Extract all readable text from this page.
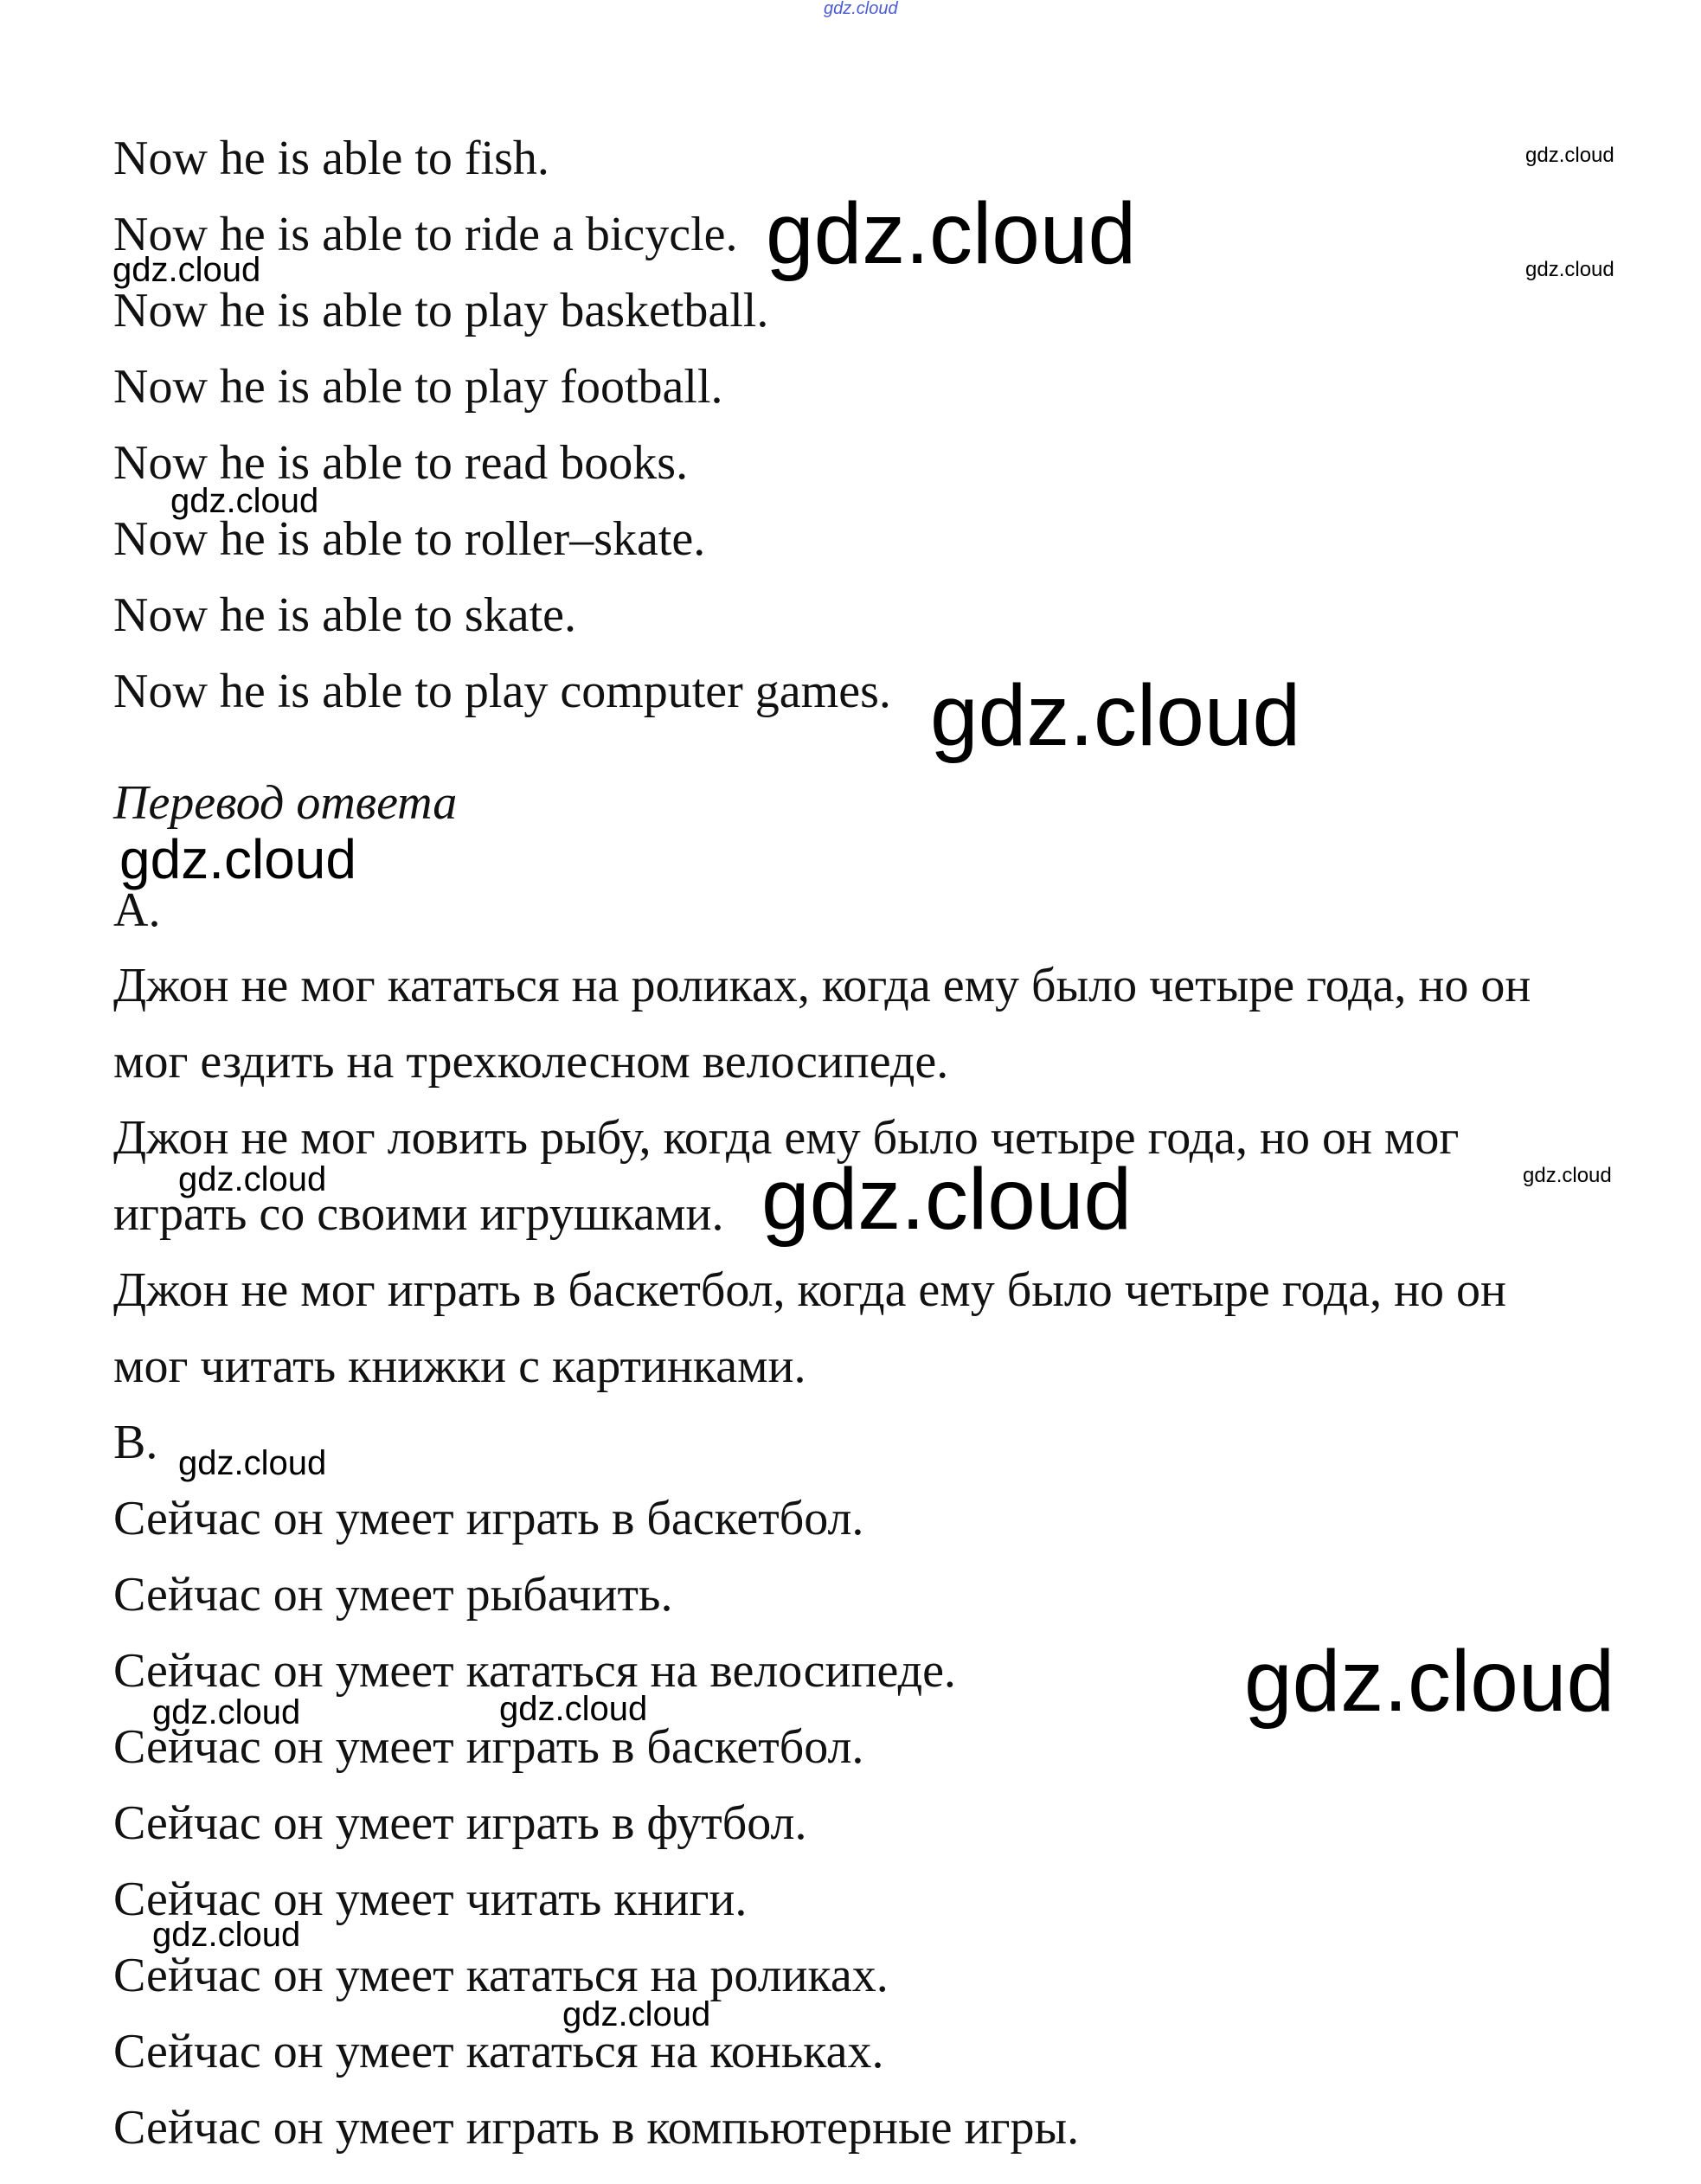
Now he is able to fish.
Now he is able to ride a bicycle.
Now he is able to play basketball.
Now he is able to play football.
Now he is able to read books.
Now he is able to roller–skate.
Now he is able to skate.
Now he is able to play computer games.
Перевод ответа
А.
Джон не мог кататься на роликах, когда ему было четыре года, но он
мог ездить на трехколесном велосипеде.
Джон не мог ловить рыбу, когда ему было четыре года, но он мог
играть со своими игрушками.
Джон не мог играть в баскетбол, когда ему было четыре года, но он
мог читать книжки с картинками.
В.
Сейчас он умеет играть в баскетбол.
Сейчас он умеет рыбачить.
Сейчас он умеет кататься на велосипеде.
Сейчас он умеет играть в баскетбол.
Сейчас он умеет играть в футбол.
Сейчас он умеет читать книги.
Сейчас он умеет кататься на роликах.
Сейчас он умеет кататься на коньках.
Сейчас он умеет играть в компьютерные игры.
gdz.cloud
gdz.cloud
gdz.cloud
gdz.cloud	gdz.cloud
gdz.cloud
gdz.cloud
gdz.cloud
gdz.cloud	gdz.cloud
gdz.cloud
gdz.cloud
gdz.cloud
gdz.cloud	gdz.cloud
gdz.cloud
gdz.cloud
